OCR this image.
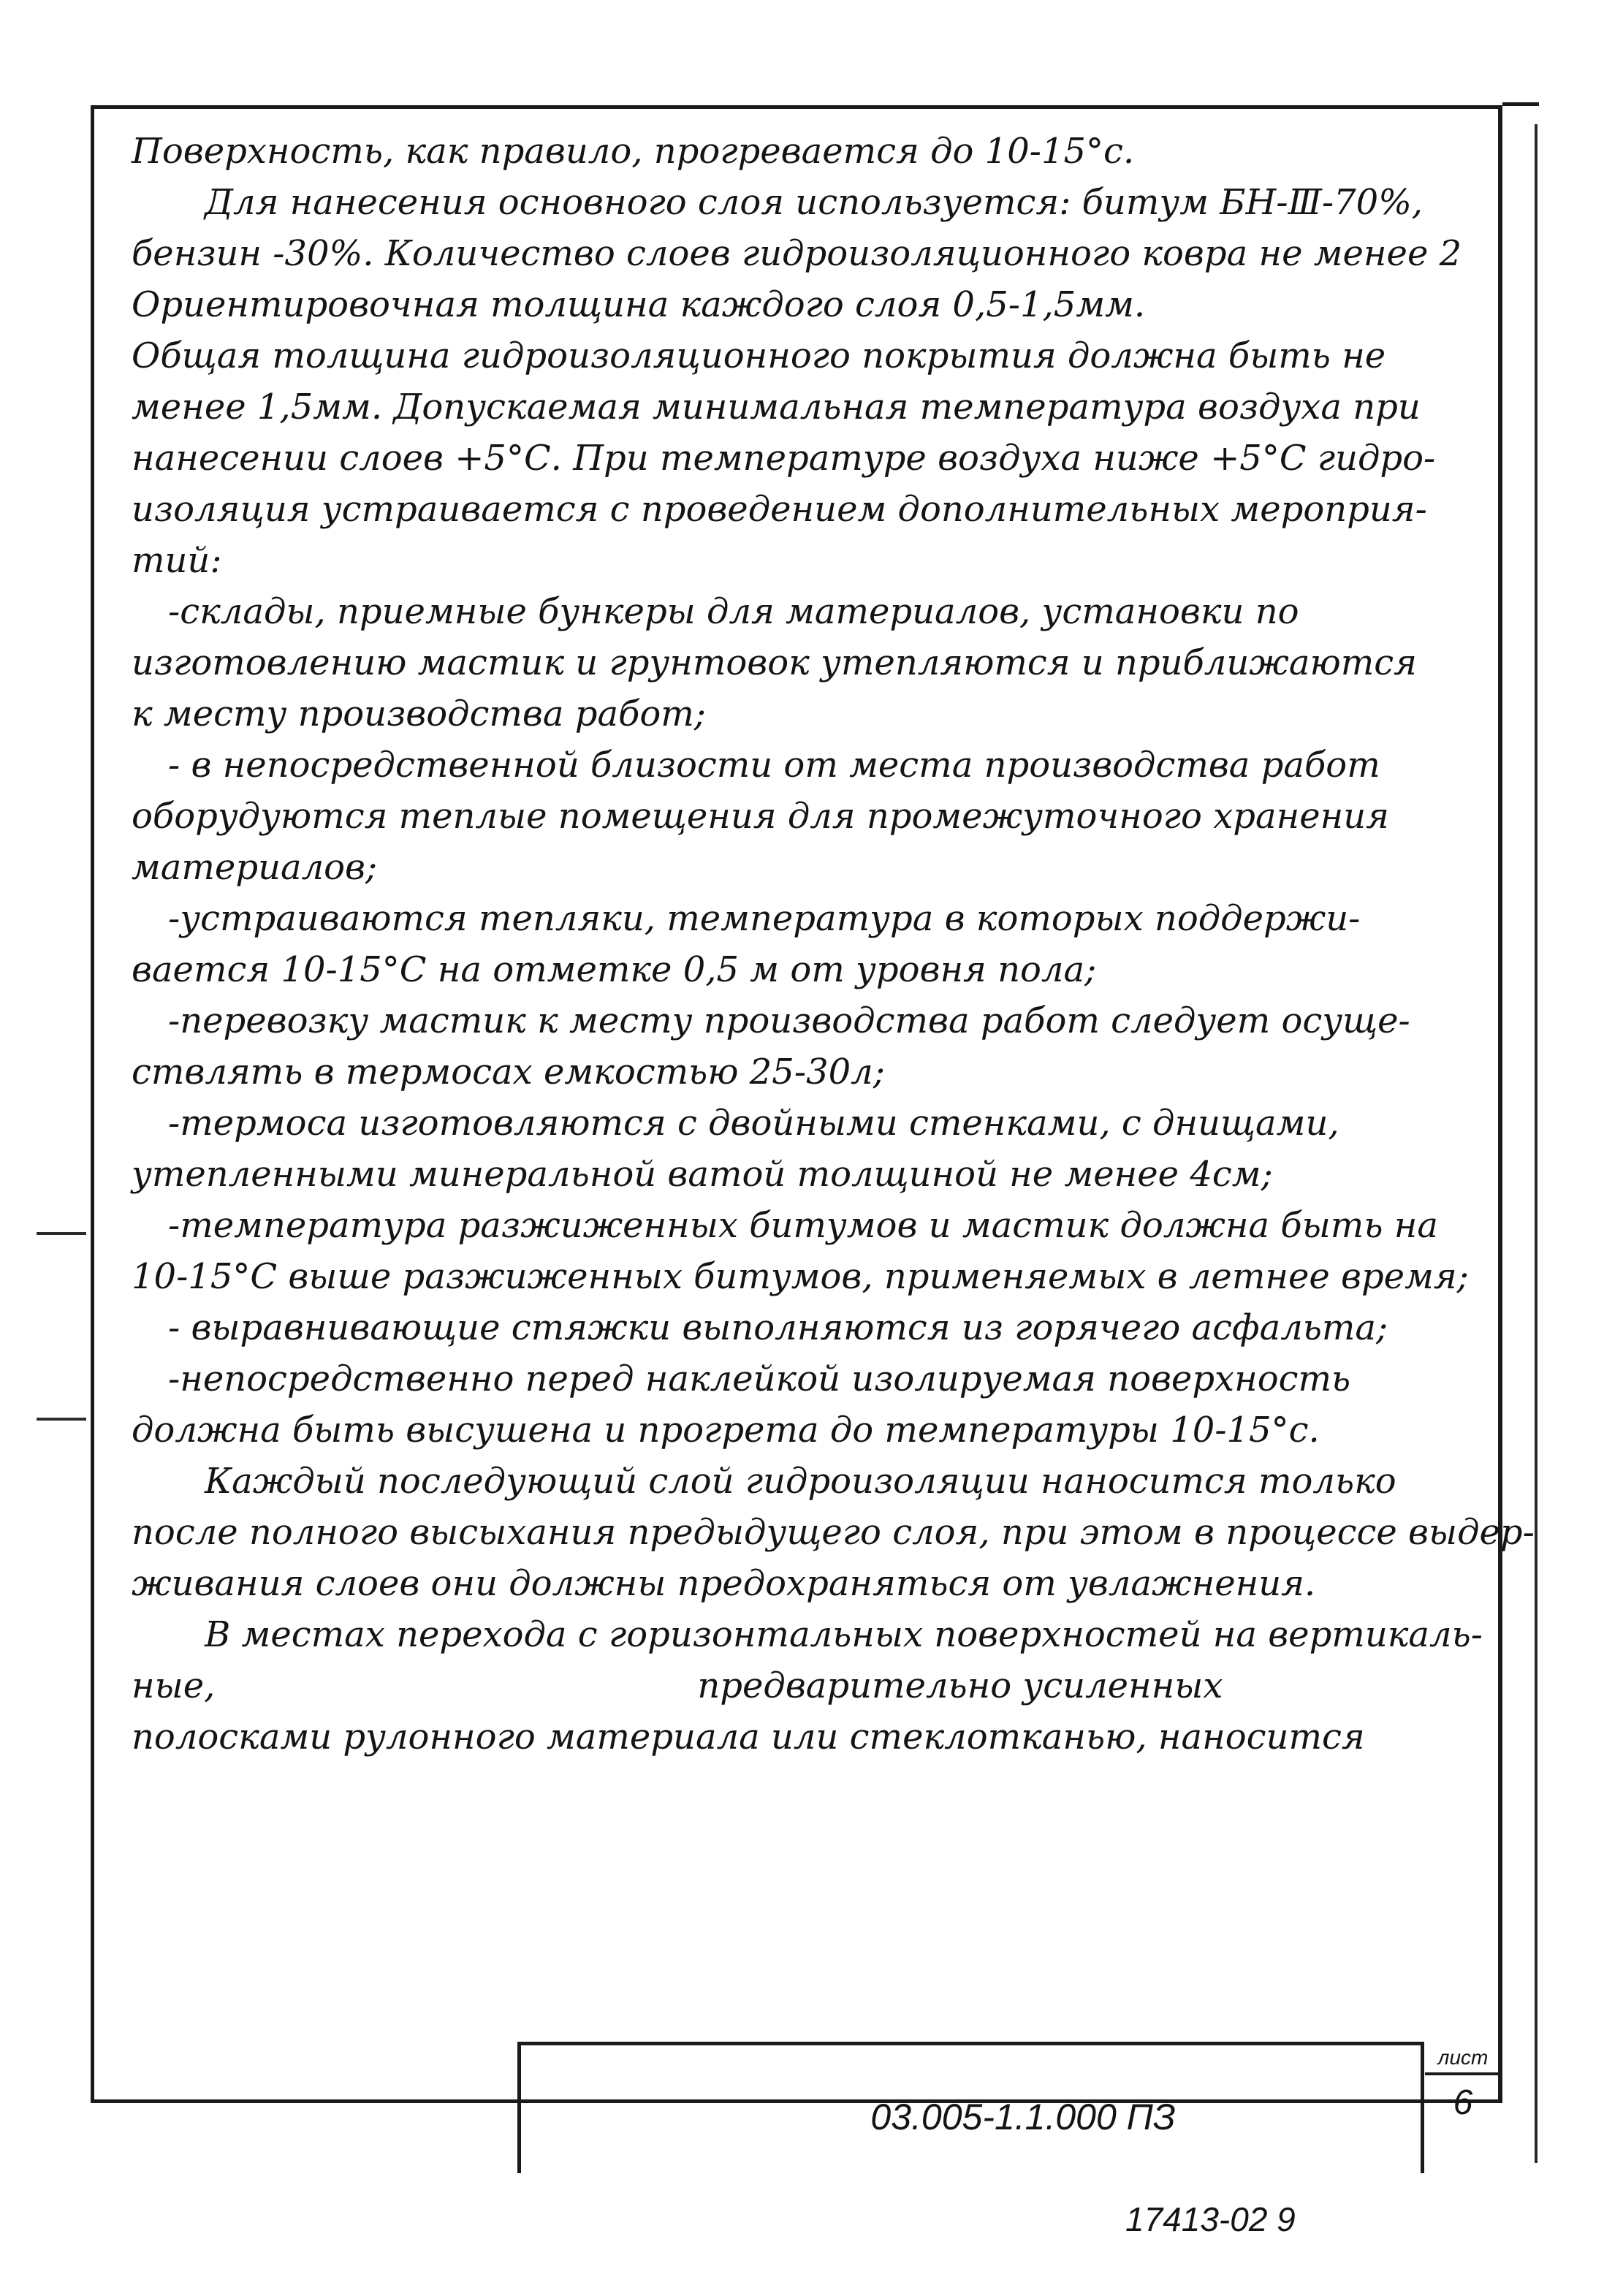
Поверхность, как правило, прогревается до 10-15°с.

Для нанесения основного слоя используется: битум БН-Ⅲ-70%,

бензин -30%. Количество слоев гидроизоляционного ковра не менее 2

Ориентировочная толщина каждого слоя 0,5-1,5мм.

Общая толщина гидроизоляционного покрытия должна быть не

менее 1,5мм. Допускаемая минимальная температура воздуха при

нанесении слоев +5°С. При температуре воздуха ниже +5°С гидро-

изоляция устраивается с проведением дополнительных мероприя-

тий:

-склады, приемные бункеры для материалов, установки по

изготовлению мастик и грунтовок утепляются и приближаются

к месту производства работ;

- в непосредственной близости от места производства работ

оборудуются теплые помещения для промежуточного хранения

материалов;

-устраиваются тепляки, температура в которых поддержи-

вается 10-15°С на отметке 0,5 м от уровня пола;

-перевозку мастик к месту производства работ следует осуще-

ствлять в термосах емкостью 25-30л;

-термоса изготовляются с двойными стенками, с днищами,

утепленными минеральной ватой толщиной не менее 4см;

-температура разжиженных битумов и мастик должна быть на

10-15°С выше разжиженных битумов, применяемых в летнее время;

- выравнивающие стяжки выполняются из горячего асфальта;

-непосредственно перед наклейкой изолируемая поверхность

должна быть высушена и прогрета до температуры 10-15°с.

Каждый последующий слой гидроизоляции наносится только

после полного высыхания предыдущего слоя, при этом в процессе выдер-

живания слоев они должны предохраняться от увлажнения.

В местах перехода с горизонтальных поверхностей на вертикаль-

ные,	предварительно усиленных

полосками рулонного материала или стеклотканью, наносится

03.005-1.1.000 ПЗ
лист
6
17413-02 9
